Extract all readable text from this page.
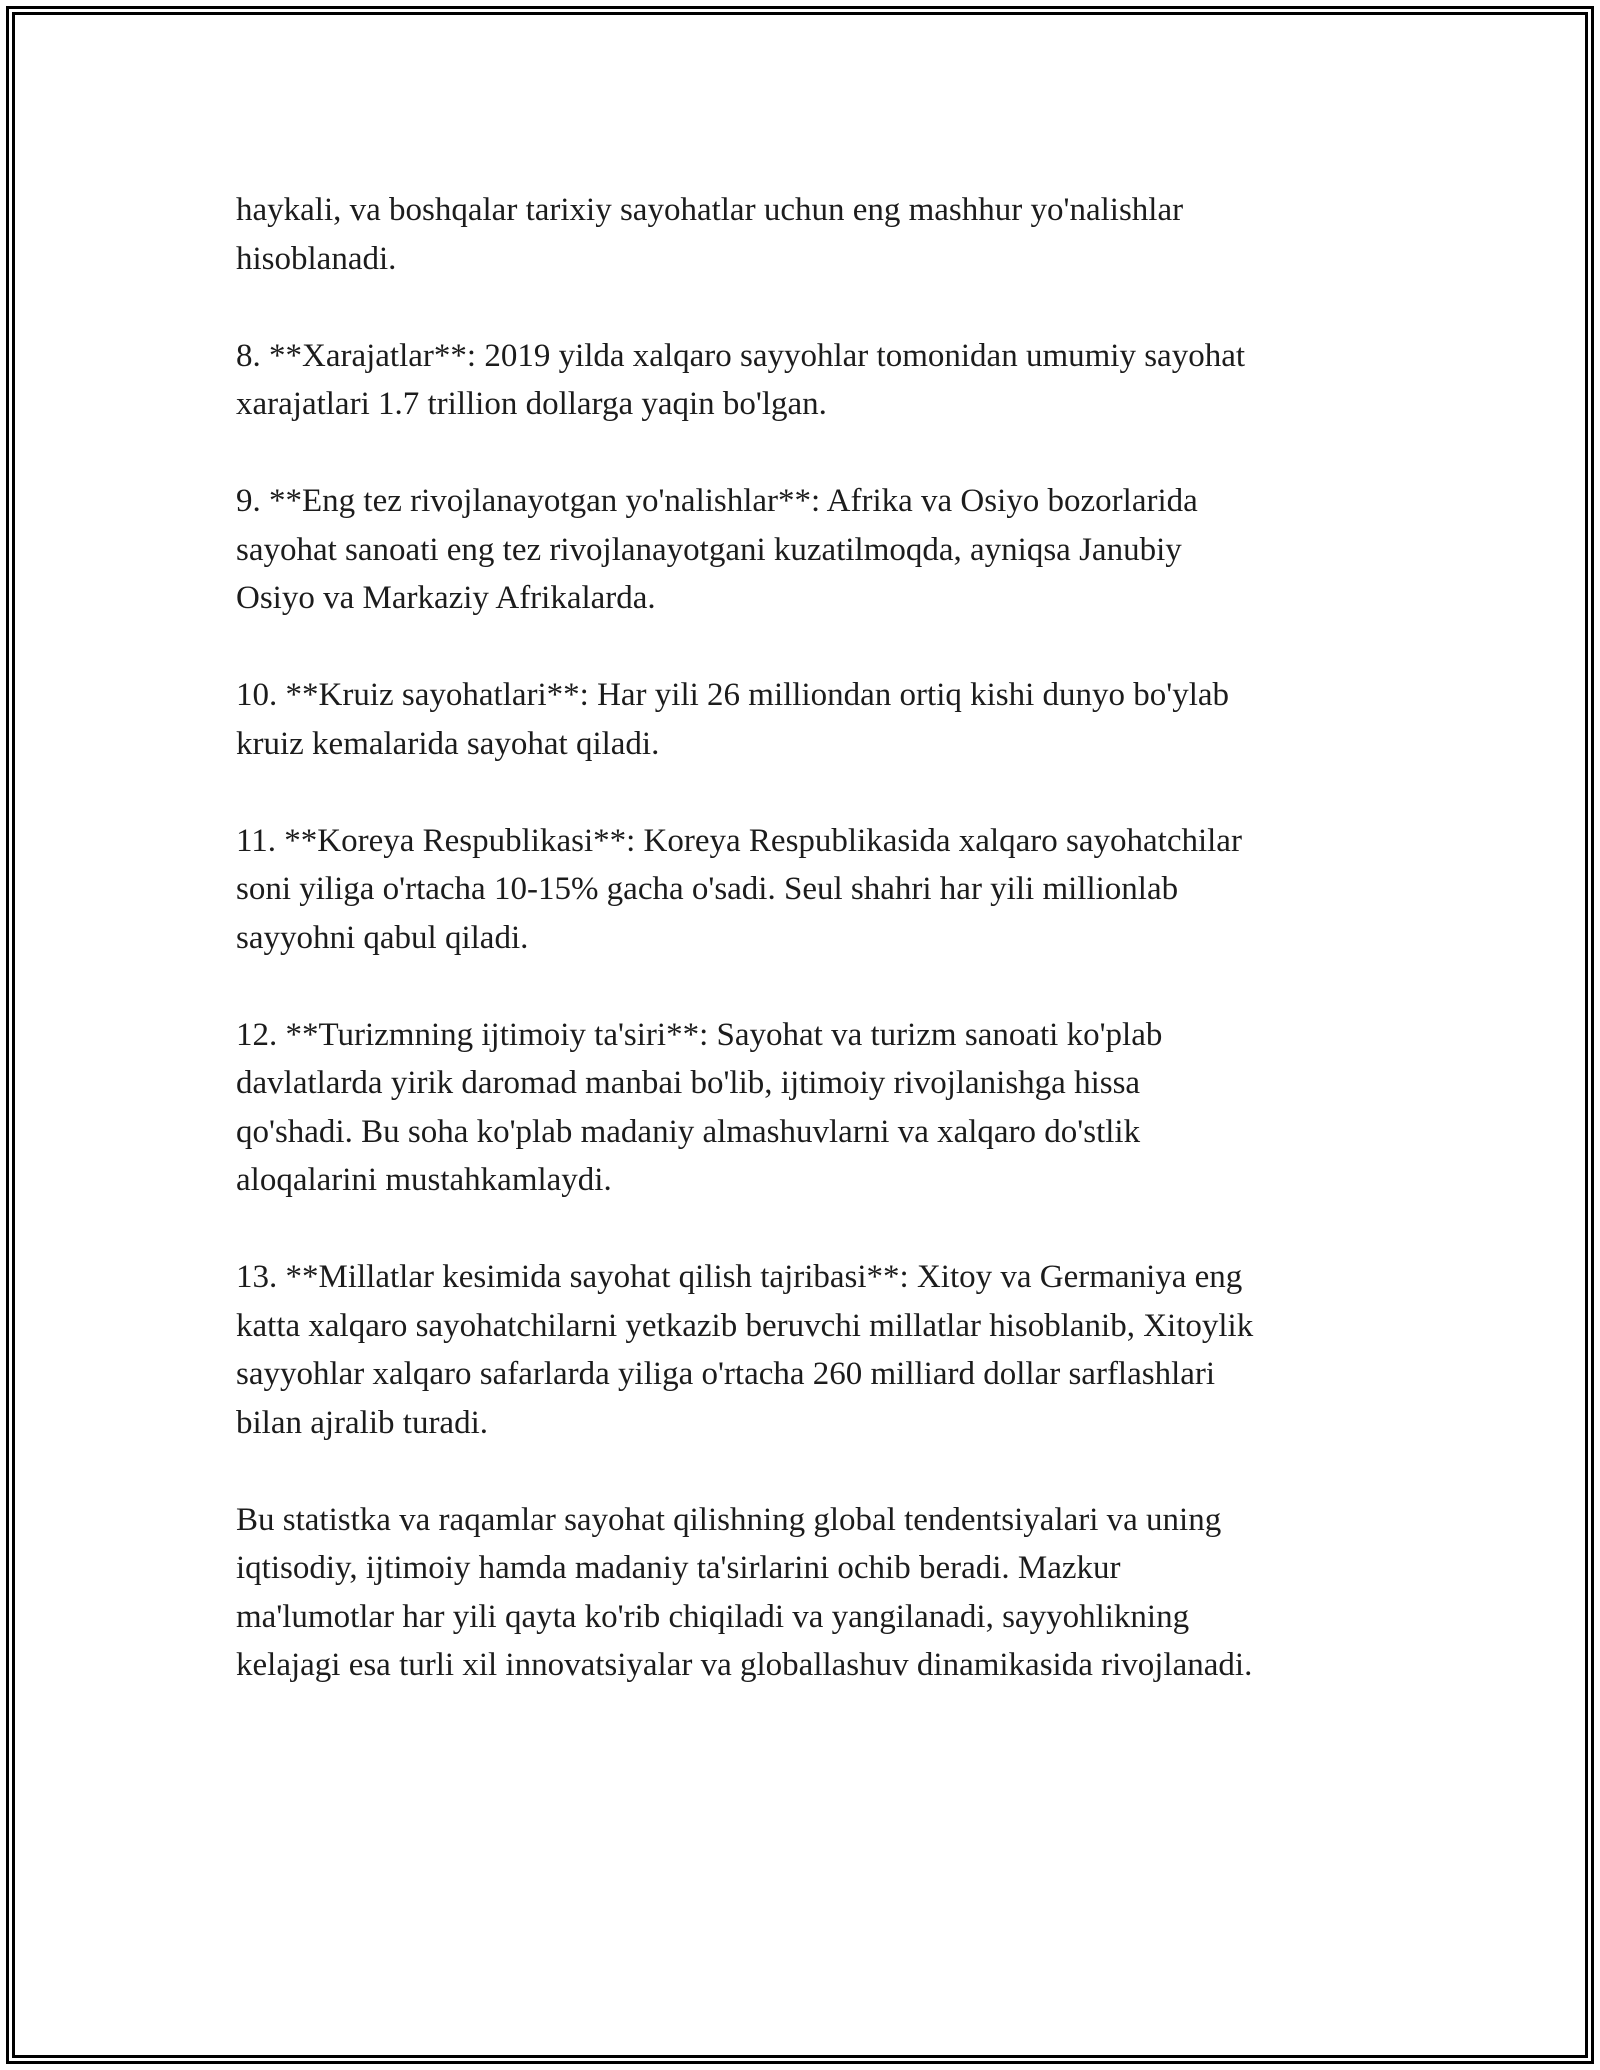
haykali, va boshqalar tarixiy sayohatlar uchun eng mashhur yo'nalishlar
hisoblanadi.

8. **Xarajatlar**: 2019 yilda xalqaro sayyohlar tomonidan umumiy sayohat
xarajatlari 1.7 trillion dollarga yaqin bo'lgan.

9. **Eng tez rivojlanayotgan yo'nalishlar**: Afrika va Osiyo bozorlarida
sayohat sanoati eng tez rivojlanayotgani kuzatilmoqda, ayniqsa Janubiy
Osiyo va Markaziy Afrikalarda.

10. **Kruiz sayohatlari**: Har yili 26 milliondan ortiq kishi dunyo bo'ylab
kruiz kemalarida sayohat qiladi.

11. **Koreya Respublikasi**: Koreya Respublikasida xalqaro sayohatchilar
soni yiliga o'rtacha 10-15% gacha o'sadi. Seul shahri har yili millionlab
sayyohni qabul qiladi.

12. **Turizmning ijtimoiy ta'siri**: Sayohat va turizm sanoati ko'plab
davlatlarda yirik daromad manbai bo'lib, ijtimoiy rivojlanishga hissa
qo'shadi. Bu soha ko'plab madaniy almashuvlarni va xalqaro do'stlik
aloqalarini mustahkamlaydi.

13. **Millatlar kesimida sayohat qilish tajribasi**: Xitoy va Germaniya eng
katta xalqaro sayohatchilarni yetkazib beruvchi millatlar hisoblanib, Xitoylik
sayyohlar xalqaro safarlarda yiliga o'rtacha 260 milliard dollar sarflashlari
bilan ajralib turadi.

Bu statistka va raqamlar sayohat qilishning global tendentsiyalari va uning
iqtisodiy, ijtimoiy hamda madaniy ta'sirlarini ochib beradi. Mazkur
ma'lumotlar har yili qayta ko'rib chiqiladi va yangilanadi, sayyohlikning
kelajagi esa turli xil innovatsiyalar va globallashuv dinamikasida rivojlanadi.
